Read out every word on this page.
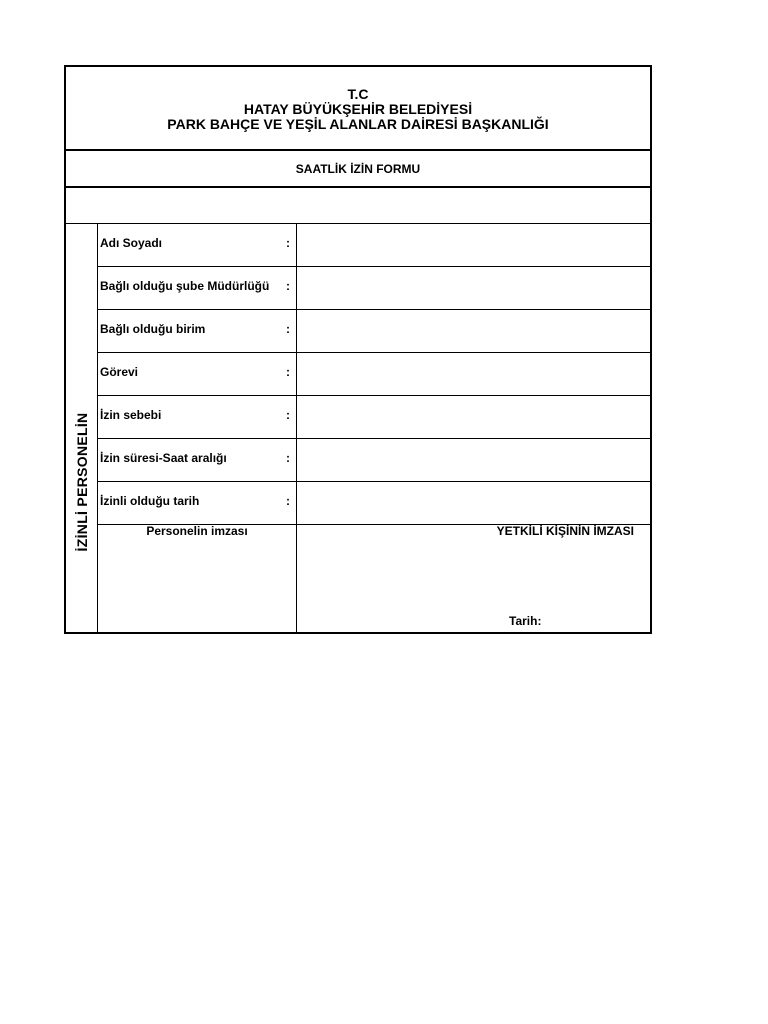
T.C
HATAY BÜYÜKŞEHİR BELEDİYESİ
PARK BAHÇE VE YEŞİL ALANLAR DAİRESİ BAŞKANLIĞI
SAATLİK İZİN FORMU
İZİNLİ PERSONELİN
Adı Soyadı	:
Bağlı olduğu şube Müdürlüğü :
Bağlı olduğu birim	:
Görevi	:
İzin sebebi	:
İzin süresi-Saat aralığı	:
İzinli olduğu tarih	:
Personelin imzası	YETKİLİ KİŞİNİN İMZASI
Tarih:
